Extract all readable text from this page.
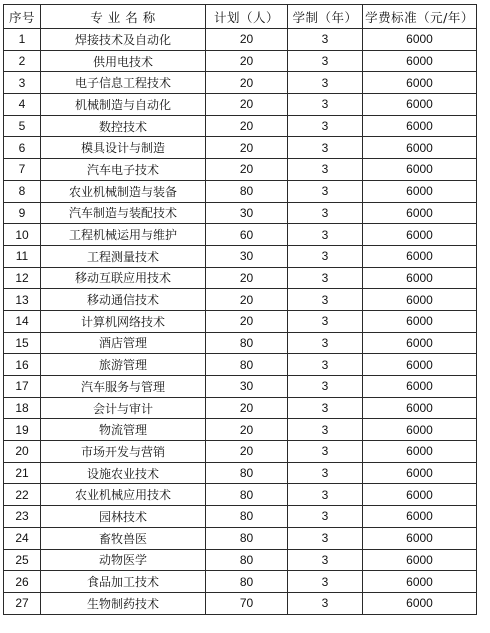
序号	专 业 名 称	计划（人）	学制（年）	学费标准（元/年）
1	焊接技术及自动化	20	3	6000
2	供用电技术	20	3	6000
3	电子信息工程技术	20	3	6000
4	机械制造与自动化	20	3	6000
5	数控技术	20	3	6000
6	模具设计与制造	20	3	6000
7	汽车电子技术	20	3	6000
8	农业机械制造与装备	80	3	6000
9	汽车制造与装配技术	30	3	6000
10	工程机械运用与维护	60	3	6000
11	工程测量技术	30	3	6000
12	移动互联应用技术	20	3	6000
13	移动通信技术	20	3	6000
14	计算机网络技术	20	3	6000
15	酒店管理	80	3	6000
16	旅游管理	80	3	6000
17	汽车服务与管理	30	3	6000
18	会计与审计	20	3	6000
19	物流管理	20	3	6000
20	市场开发与营销	20	3	6000
21	设施农业技术	80	3	6000
22	农业机械应用技术	80	3	6000
23	园林技术	80	3	6000
24	畜牧兽医	80	3	6000
25	动物医学	80	3	6000
26	食品加工技术	80	3	6000
27	生物制药技术	70	3	6000
